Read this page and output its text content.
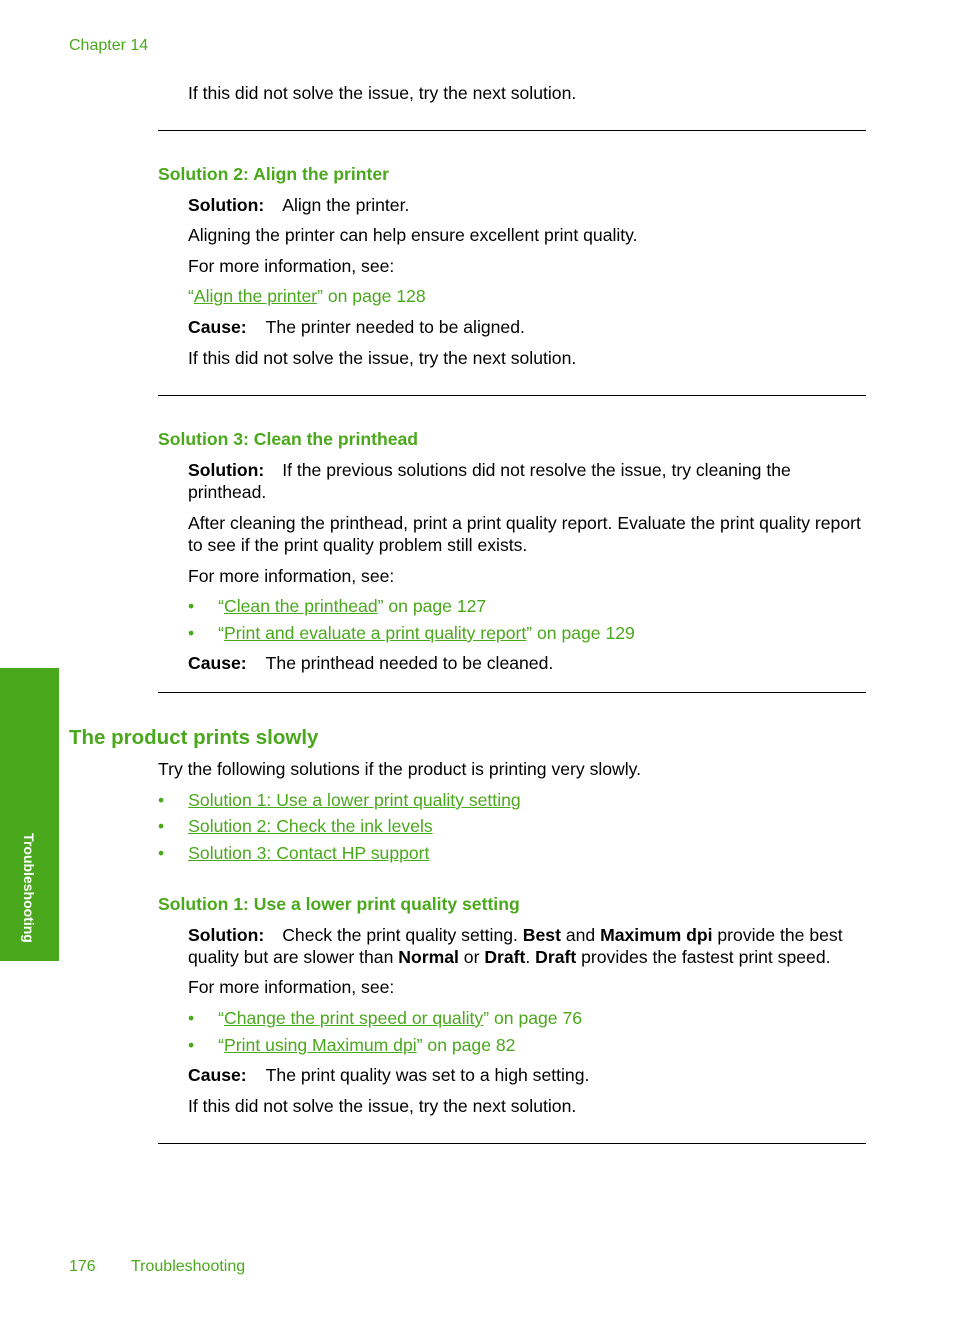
Chapter 14
If this did not solve the issue, try the next solution.
Solution 2: Align the printer
Solution: Align the printer.
Aligning the printer can help ensure excellent print quality.
For more information, see:
“Align the printer” on page 128
Cause: The printer needed to be aligned.
If this did not solve the issue, try the next solution.
Solution 3: Clean the printhead
Solution: If the previous solutions did not resolve the issue, try cleaning the printhead.
After cleaning the printhead, print a print quality report. Evaluate the print quality report to see if the print quality problem still exists.
For more information, see:
• “Clean the printhead” on page 127
• “Print and evaluate a print quality report” on page 129
Cause: The printhead needed to be cleaned.
The product prints slowly
Try the following solutions if the product is printing very slowly.
• Solution 1: Use a lower print quality setting
• Solution 2: Check the ink levels
• Solution 3: Contact HP support
Solution 1: Use a lower print quality setting
Solution: Check the print quality setting. Best and Maximum dpi provide the best quality but are slower than Normal or Draft. Draft provides the fastest print speed.
For more information, see:
• “Change the print speed or quality” on page 76
• “Print using Maximum dpi” on page 82
Cause: The print quality was set to a high setting.
If this did not solve the issue, try the next solution.
Troubleshooting
176 Troubleshooting
